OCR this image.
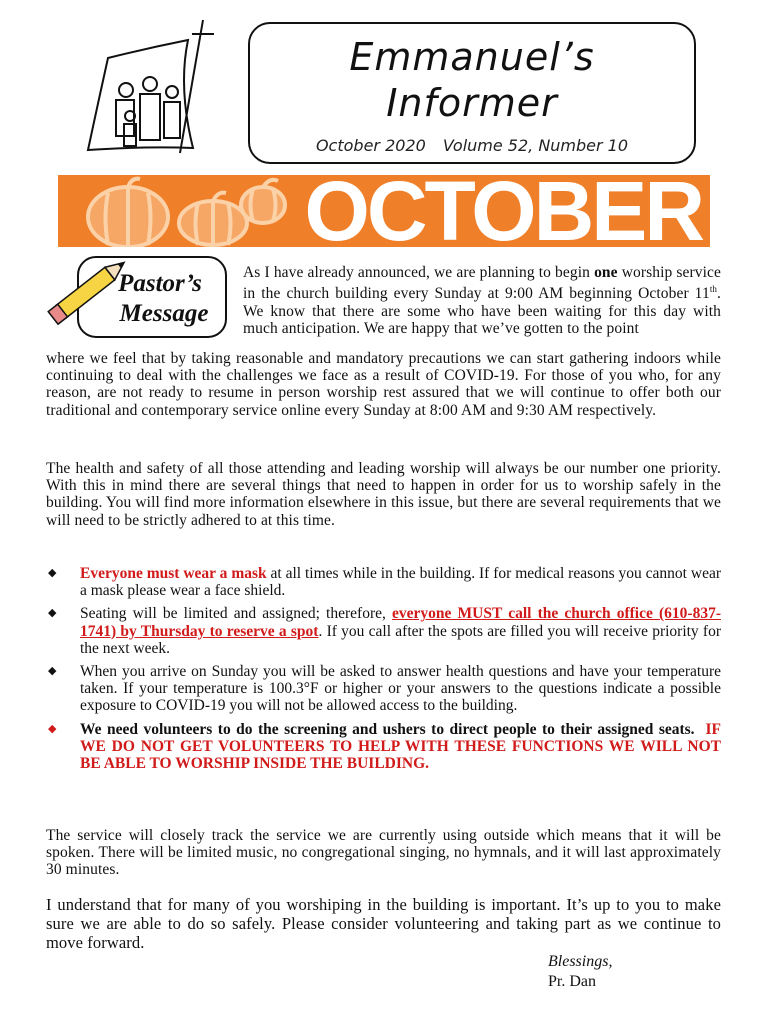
Emmanuel’s
Informer
October 2020 Volume 52, Number 10
OCTOBER
Pastor’s
Message
As I have already announced, we are planning to begin one worship service in the church building every Sunday at 9:00 AM beginning October 11th. We know that there are some who have been waiting for this day with much anticipation. We are happy that we’ve gotten to the point
where we feel that by taking reasonable and mandatory precautions we can start gathering indoors while continuing to deal with the challenges we face as a result of COVID-19. For those of you who, for any reason, are not ready to resume in person worship rest assured that we will continue to offer both our traditional and contemporary service online every Sunday at 8:00 AM and 9:30 AM respectively.
The health and safety of all those attending and leading worship will always be our number one priority. With this in mind there are several things that need to happen in order for us to worship safely in the building. You will find more information elsewhere in this issue, but there are several requirements that we will need to be strictly adhered to at this time.
◆	Everyone must wear a mask at all times while in the building. If for medical reasons you cannot wear a mask please wear a face shield.
◆	Seating will be limited and assigned; therefore, everyone MUST call the church office (610-837-1741) by Thursday to reserve a spot. If you call after the spots are filled you will receive priority for the next week.
◆	When you arrive on Sunday you will be asked to answer health questions and have your temperature taken. If your temperature is 100.3°F or higher or your answers to the questions indicate a possible exposure to COVID-19 you will not be allowed access to the building.
◆	We need volunteers to do the screening and ushers to direct people to their assigned seats. IF WE DO NOT GET VOLUNTEERS TO HELP WITH THESE FUNCTIONS WE WILL NOT BE ABLE TO WORSHIP INSIDE THE BUILDING.
The service will closely track the service we are currently using outside which means that it will be spoken. There will be limited music, no congregational singing, no hymnals, and it will last approximately 30 minutes.
I understand that for many of you worshiping in the building is important. It’s up to you to make sure we are able to do so safely. Please consider volunteering and taking part as we continue to move forward.
Blessings,
Pr. Dan
